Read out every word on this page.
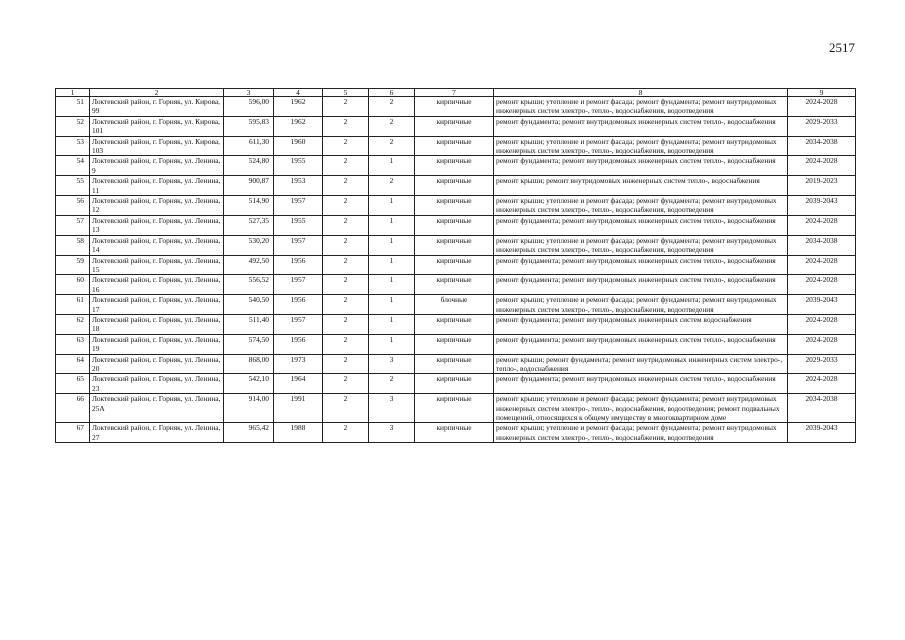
2517
1	2	3	4	5	6	7	8	9
51	Локтевский район, г. Горняк, ул. Кирова, 99	596,00	1962	2	2	кирпичные	ремонт крыши; утепление и ремонт фасада; ремонт фундамента; ремонт внутридомовых инженерных систем электро-, тепло-, водоснабжения, водоотведения	2024-2028
52	Локтевский район, г. Горняк, ул. Кирова, 101	595,83	1962	2	2	кирпичные	ремонт фундамента; ремонт внутридомовых инженерных систем тепло-, водоснабжения	2029-2033
53	Локтевский район, г. Горняк, ул. Кирова, 103	611,30	1960	2	2	кирпичные	ремонт крыши; утепление и ремонт фасада; ремонт фундамента; ремонт внутридомовых инженерных систем электро-, тепло-, водоснабжения, водоотведения	2034-2038
54	Локтевский район, г. Горняк, ул. Ленина, 9	524,80	1955	2	1	кирпичные	ремонт фундамента; ремонт внутридомовых инженерных систем тепло-, водоснабжения	2024-2028
55	Локтевский район, г. Горняк, ул. Ленина, 11	900,87	1953	2	2	кирпичные	ремонт крыши; ремонт внутридомовых инженерных систем тепло-, водоснабжения	2019-2023
56	Локтевский район, г. Горняк, ул. Ленина, 12	514,90	1957	2	1	кирпичные	ремонт крыши; утепление и ремонт фасада; ремонт фундамента; ремонт внутридомовых инженерных систем электро-, тепло-, водоснабжения, водоотведения	2039-2043
57	Локтевский район, г. Горняк, ул. Ленина, 13	527,35	1955	2	1	кирпичные	ремонт фундамента; ремонт внутридомовых инженерных систем тепло-, водоснабжения	2024-2028
58	Локтевский район, г. Горняк, ул. Ленина, 14	530,20	1957	2	1	кирпичные	ремонт крыши; утепление и ремонт фасада; ремонт фундамента; ремонт внутридомовых инженерных систем электро-, тепло-, водоснабжения, водоотведения	2034-2038
59	Локтевский район, г. Горняк, ул. Ленина, 15	492,50	1956	2	1	кирпичные	ремонт фундамента; ремонт внутридомовых инженерных систем тепло-, водоснабжения	2024-2028
60	Локтевский район, г. Горняк, ул. Ленина, 16	556,52	1957	2	1	кирпичные	ремонт фундамента; ремонт внутридомовых инженерных систем тепло-, водоснабжения	2024-2028
61	Локтевский район, г. Горняк, ул. Ленина, 17	540,50	1956	2	1	блочные	ремонт крыши; утепление и ремонт фасада; ремонт фундамента; ремонт внутридомовых инженерных систем электро-, тепло-, водоснабжения, водоотведения	2039-2043
62	Локтевский район, г. Горняк, ул. Ленина, 18	511,40	1957	2	1	кирпичные	ремонт фундамента; ремонт внутридомовых инженерных систем водоснабжения	2024-2028
63	Локтевский район, г. Горняк, ул. Ленина, 19	574,50	1956	2	1	кирпичные	ремонт фундамента; ремонт внутридомовых инженерных систем тепло-, водоснабжения	2024-2028
64	Локтевский район, г. Горняк, ул. Ленина, 20	868,00	1973	2	3	кирпичные	ремонт крыши; ремонт фундамента; ремонт внутридомовых инженерных систем электро-, тепло-, водоснабжения	2029-2033
65	Локтевский район, г. Горняк, ул. Ленина, 23	542,10	1964	2	2	кирпичные	ремонт фундамента; ремонт внутридомовых инженерных систем тепло-, водоснабжения	2024-2028
66	Локтевский район, г. Горняк, ул. Ленина, 25А	914,00	1991	2	3	кирпичные	ремонт крыши; утепление и ремонт фасада; ремонт фундамента; ремонт внутридомовых инженерных систем электро-, тепло-, водоснабжения, водоотведения; ремонт подвальных помещений, относящихся к общему имуществу в многоквартирном доме	2034-2038
67	Локтевский район, г. Горняк, ул. Ленина, 27	965,42	1988	2	3	кирпичные	ремонт крыши; утепление и ремонт фасада; ремонт фундамента; ремонт внутридомовых инженерных систем электро-, тепло-, водоснабжения, водоотведения	2039-2043
